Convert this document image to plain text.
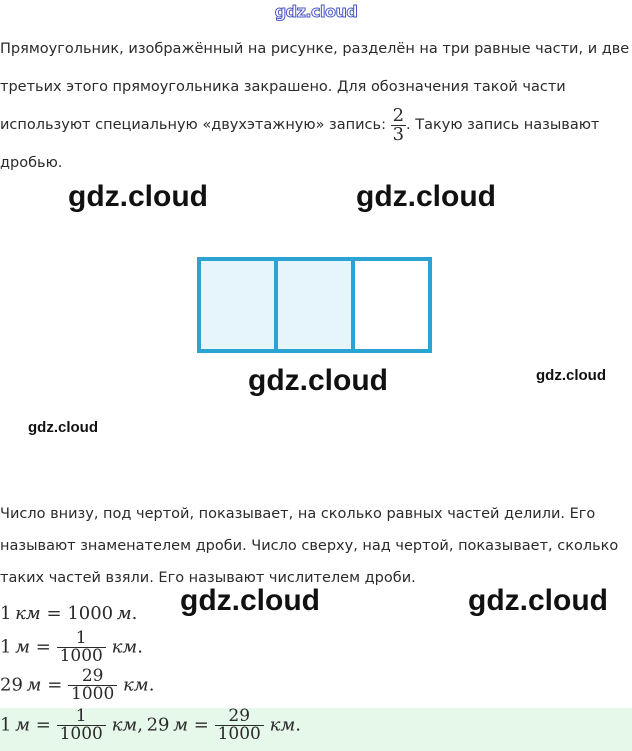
gdz.cloud
Прямоугольник, изображённый на рисунке, разделён на три равные части, и две третьих этого прямоугольника закрашено. Для обозначения такой части используют специальную «двухэтажную» запись: $\frac{2}{3}$ . Такую запись называют дробью.
gdz.cloud	gdz.cloud
gdz.cloud	gdz.cloud
gdz.cloud
Число внизу, под чертой, показывает, на сколько равных частей делили. Его называют знаменателем дроби. Число сверху, над чертой, показывает, сколько таких частей взяли. Его называют числителем дроби.
1  км = 1000  м.
1  $м = \frac{1}{1000}$ км.
29  $м = \frac{29}{1000}$ км.
1  $м = \frac{1}{1000}$ км,  29  $м = \frac{29}{1000}$ км.
gdz.cloud	gdz.cloud
